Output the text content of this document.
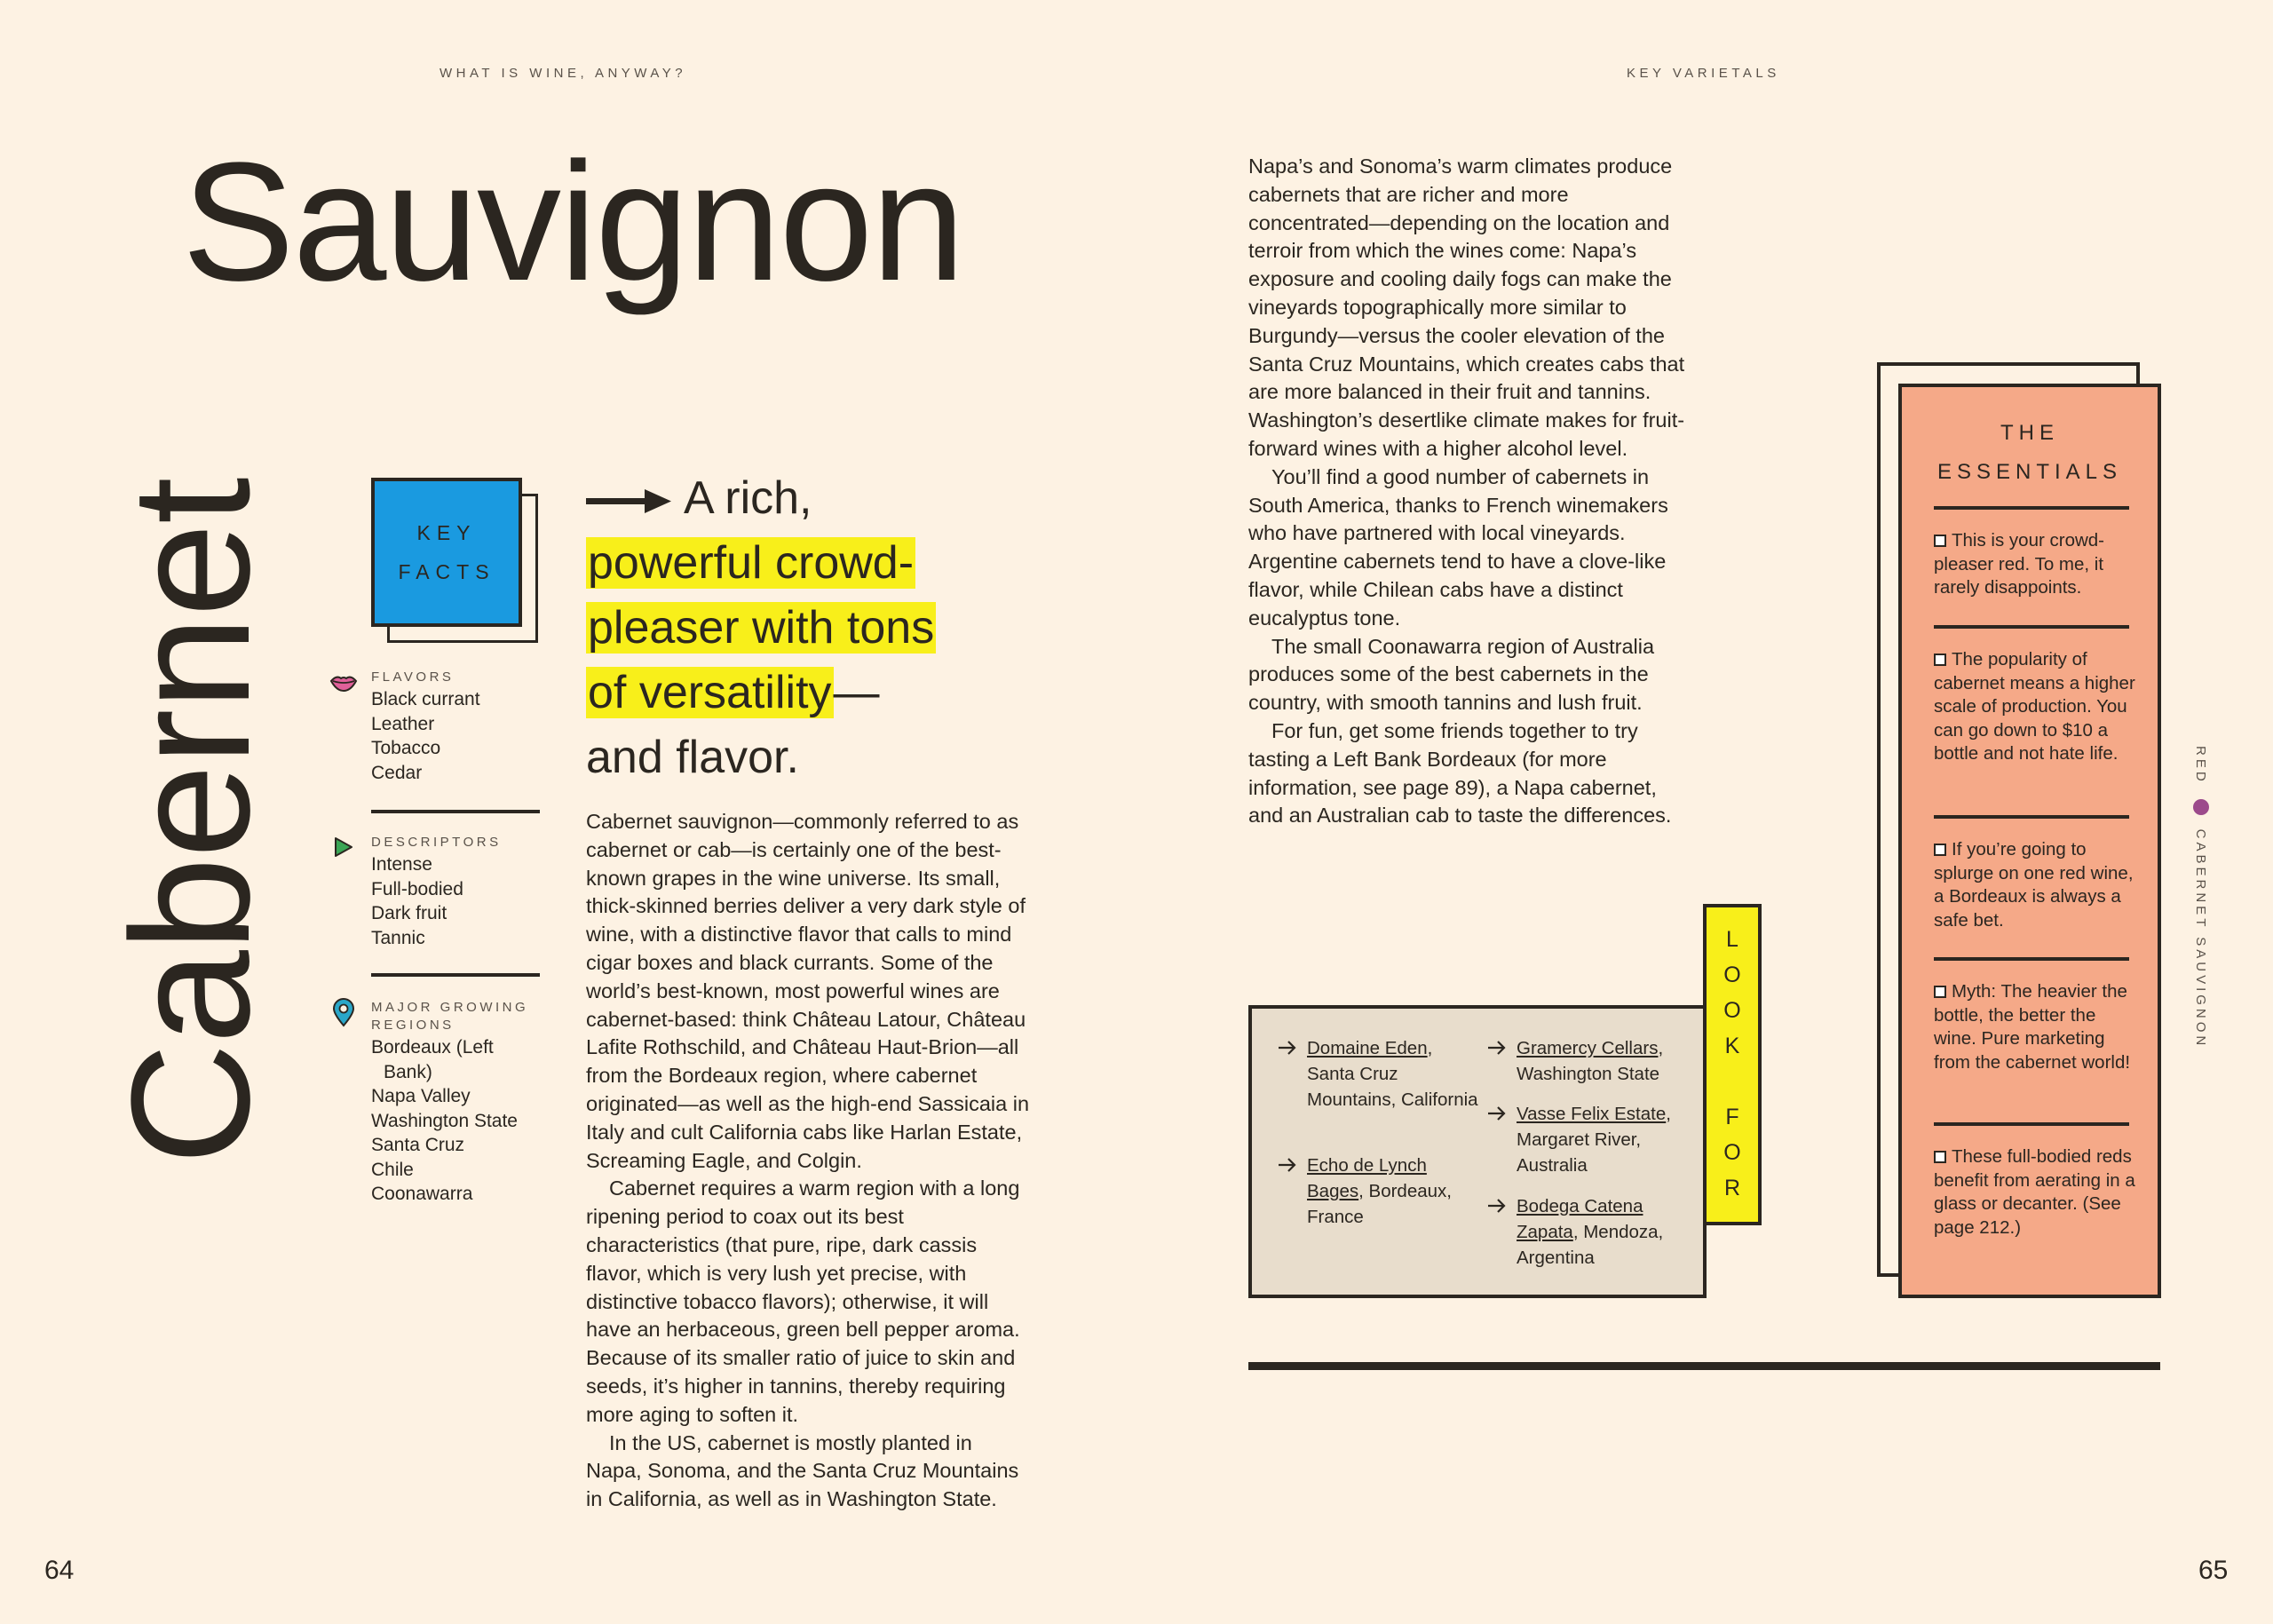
WHAT IS WINE, ANYWAY?	KEY VARIETALS
Sauvignon
Cabernet	KEY
FACTS
FLAVORS
Black currant
Leather
Tobacco
Cedar
DESCRIPTORS
Intense
Full-bodied
Dark fruit
Tannic
MAJOR GROWING
REGIONS
Bordeaux (Left
Bank)
Napa Valley
Washington State
Santa Cruz
Chile
Coonawarra
A rich,
powerful crowd-
pleaser with tons
of versatility—
and flavor.

Cabernet sauvignon—commonly referred to as cabernet or cab—is certainly one of the best-known grapes in the wine universe. Its small, thick-skinned berries deliver a very dark style of wine, with a distinctive flavor that calls to mind cigar boxes and black currants. Some of the world’s best-known, most powerful wines are cabernet-based: think Château Latour, Château Lafite Rothschild, and Château Haut-Brion—all from the Bordeaux region, where cabernet originated—as well as the high-end Sassicaia in Italy and cult California cabs like Harlan Estate, Screaming Eagle, and Colgin.

Cabernet requires a warm region with a long ripening period to coax out its best characteristics (that pure, ripe, dark cassis flavor, which is very lush yet precise, with distinctive tobacco flavors); otherwise, it will have an herbaceous, green bell pepper aroma. Because of its smaller ratio of juice to skin and seeds, it’s higher in tannins, thereby requiring more aging to soften it.

In the US, cabernet is mostly planted in Napa, Sonoma, and the Santa Cruz Mountains in California, as well as in Washington State.

Napa’s and Sonoma’s warm climates produce cabernets that are richer and more concentrated—depending on the location and terroir from which the wines come: Napa’s exposure and cooling daily fogs can make the vineyards topographically more similar to Burgundy—versus the cooler elevation of the Santa Cruz Mountains, which creates cabs that are more balanced in their fruit and tannins. Washington’s desertlike climate makes for fruit-forward wines with a higher alcohol level.

You’ll find a good number of cabernets in South America, thanks to French winemakers who have partnered with local vineyards. Argentine cabernets tend to have a clove-like flavor, while Chilean cabs have a distinct eucalyptus tone.

The small Coonawarra region of Australia produces some of the best cabernets in the country, with smooth tannins and lush fruit.

For fun, get some friends together to try tasting a Left Bank Bordeaux (for more information, see page 89), a Napa cabernet, and an Australian cab to taste the differences.

Domaine Eden, Santa Cruz Mountains, California
Echo de Lynch Bages, Bordeaux, France
Gramercy Cellars, Washington State
Vasse Felix Estate, Margaret River, Australia
Bodega Catena Zapata, Mendoza, Argentina
L
O
O
K
F
O
R
THE
ESSENTIALS
This is your crowd-pleaser red. To me, it rarely disappoints.
The popularity of cabernet means a higher scale of production. You can go down to $10 a bottle and not hate life.
If you’re going to splurge on one red wine, a Bordeaux is always a safe bet.
Myth: The heavier the bottle, the better the wine. Pure marketing from the cabernet world!
These full-bodied reds benefit from aerating in a glass or decanter. (See page 212.)
RED
CABERNET SAUVIGNON
64	65
